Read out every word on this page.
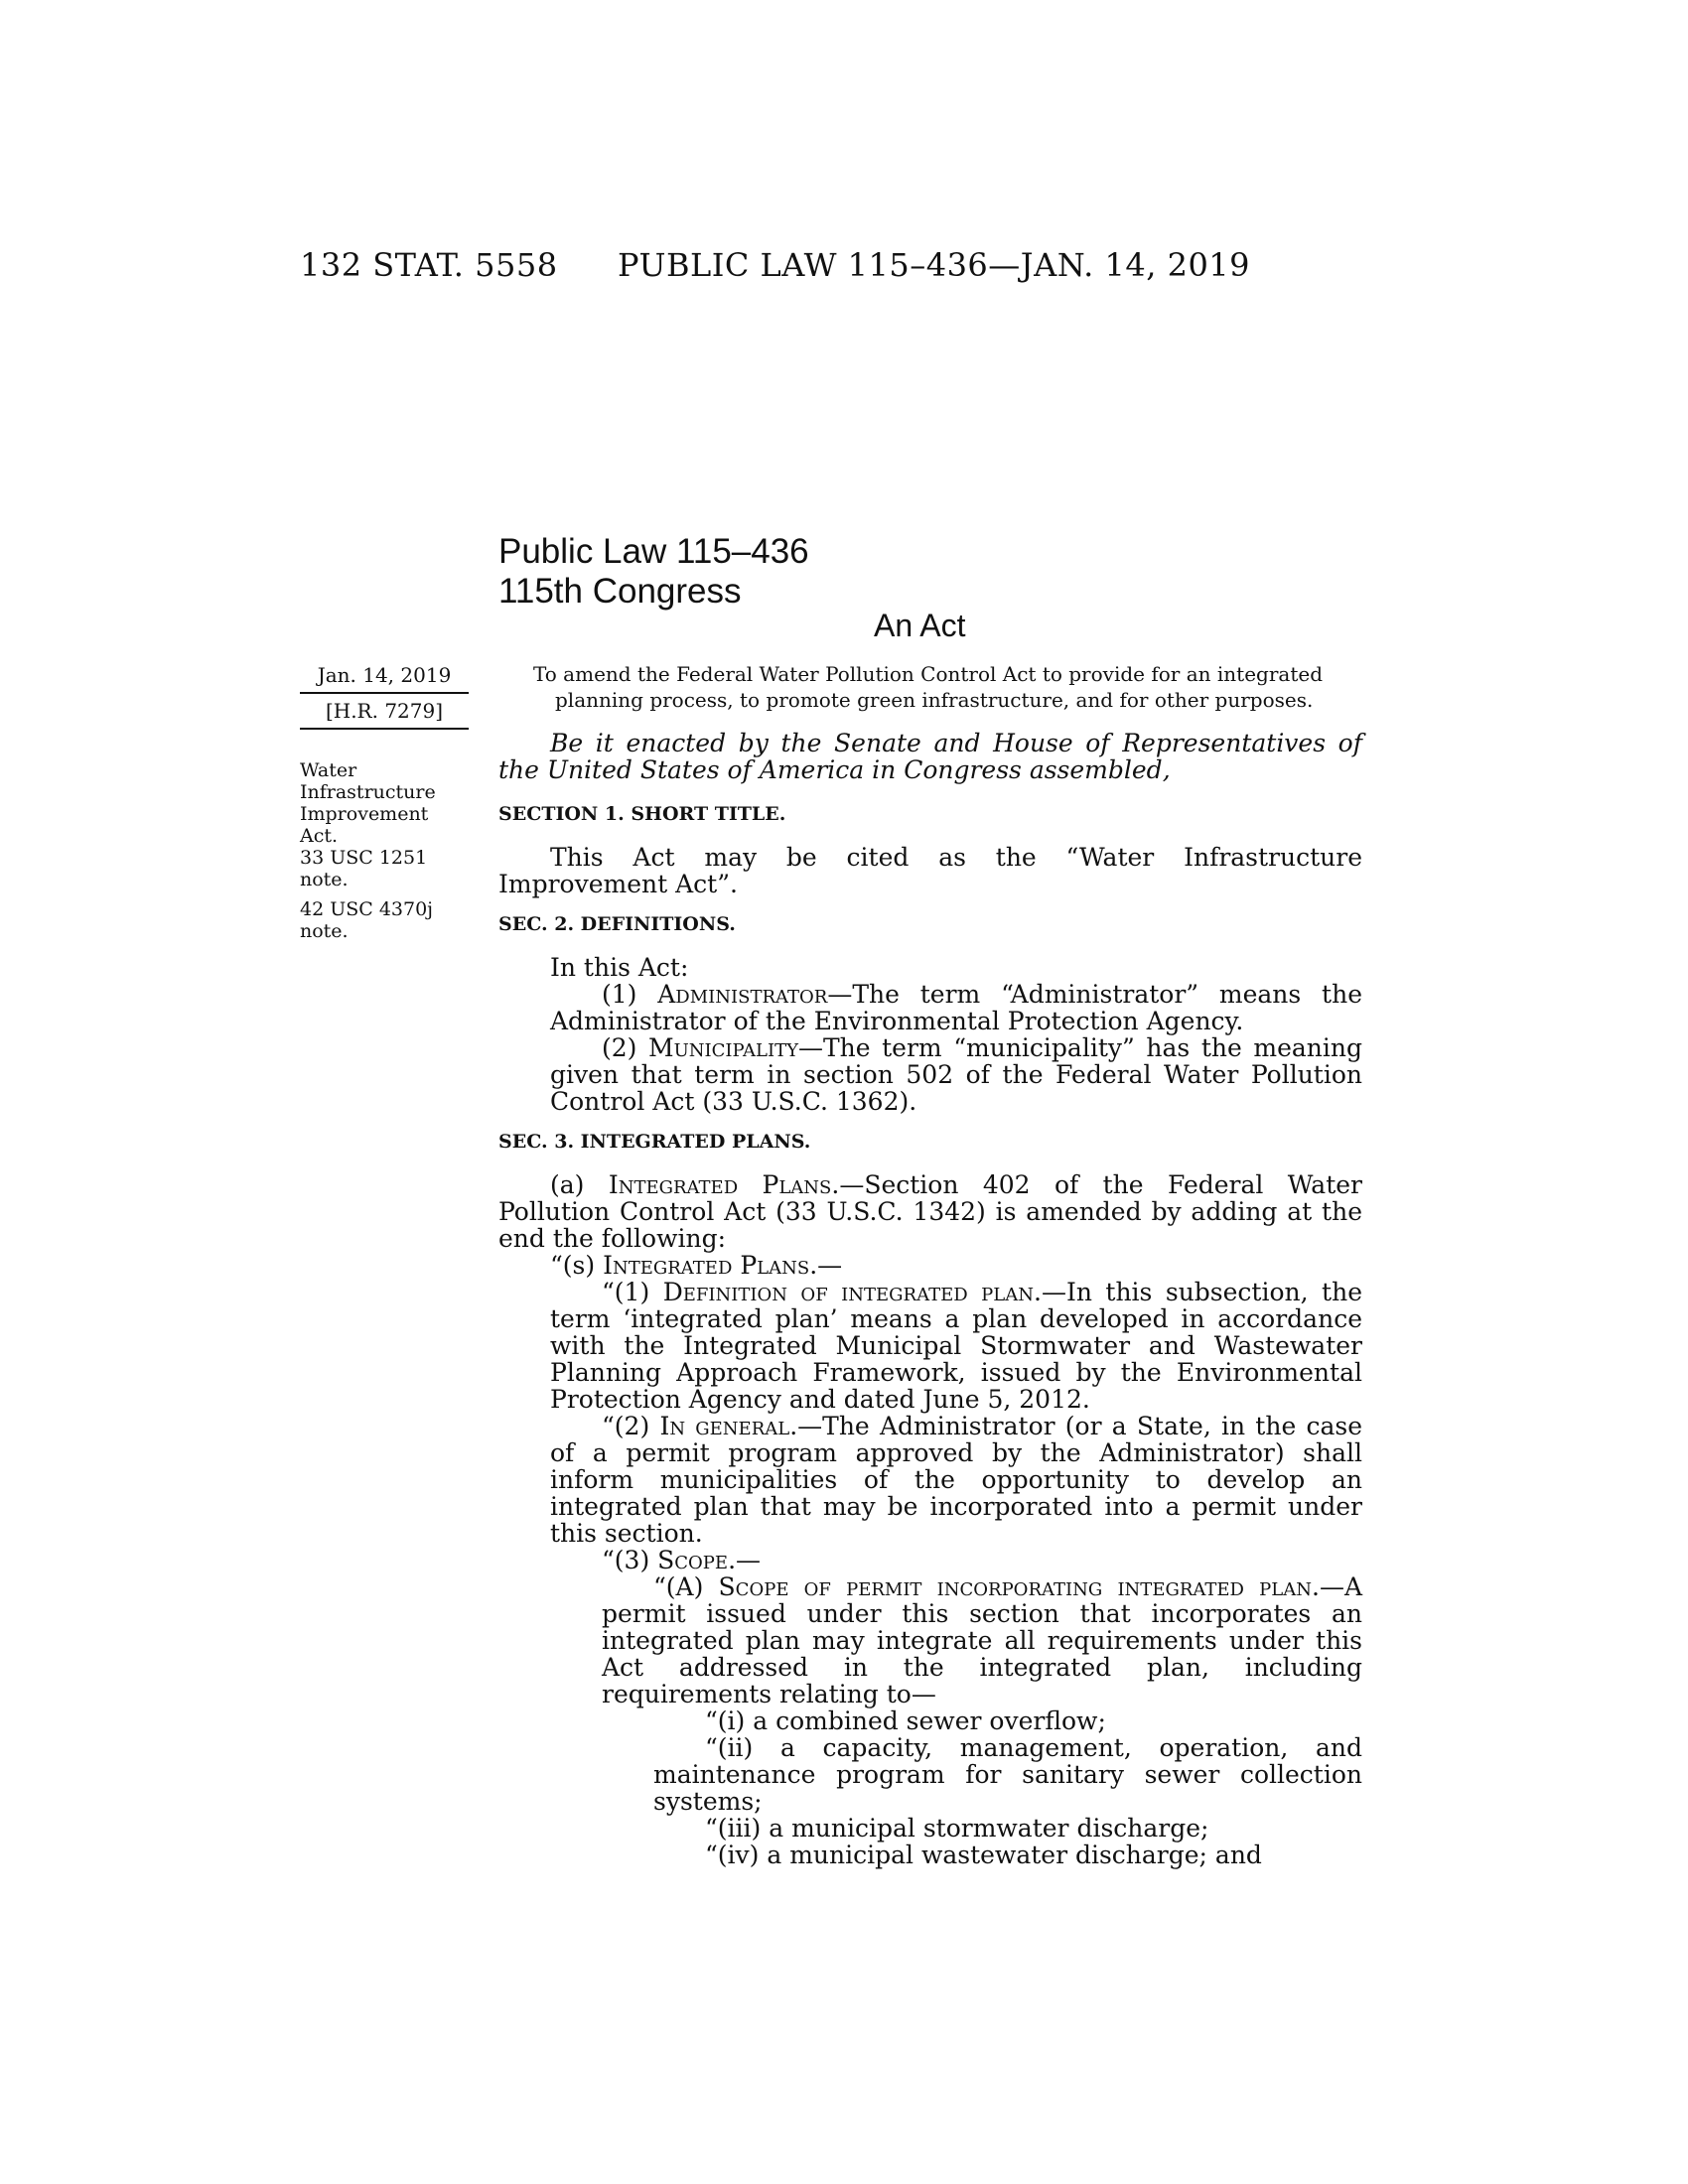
132 STAT. 5558 PUBLIC LAW 115–436—JAN. 14, 2019
Public Law 115–436
115th Congress
An Act
Jan. 14, 2019
[H.R. 7279]
Water
Infrastructure
Improvement
Act.
33 USC 1251
note.
42 USC 4370j
note.
To amend the Federal Water Pollution Control Act to provide for an integrated
planning process, to promote green infrastructure, and for other purposes.

Be it enacted by the Senate and House of Representatives of the United States of America in Congress assembled,

SECTION 1. SHORT TITLE.

This Act may be cited as the “Water Infrastructure Improvement Act”.

SEC. 2. DEFINITIONS.

In this Act:

(1) Administrator—The term “Administrator” means the Administrator of the Environmental Protection Agency.

(2) Municipality—The term “municipality” has the meaning given that term in section 502 of the Federal Water Pollution Control Act (33 U.S.C. 1362).

SEC. 3. INTEGRATED PLANS.

(a) Integrated Plans.—Section 402 of the Federal Water Pollution Control Act (33 U.S.C. 1342) is amended by adding at the end the following:

“(s) Integrated Plans.—

“(1) Definition of integrated plan.—In this subsection, the term ‘integrated plan’ means a plan developed in accordance with the Integrated Municipal Stormwater and Wastewater Planning Approach Framework, issued by the Environmental Protection Agency and dated June 5, 2012.

“(2) In general.—The Administrator (or a State, in the case of a permit program approved by the Administrator) shall inform municipalities of the opportunity to develop an integrated plan that may be incorporated into a permit under this section.

“(3) Scope.—

“(A) Scope of permit incorporating integrated plan.—A permit issued under this section that incorporates an integrated plan may integrate all requirements under this Act addressed in the integrated plan, including requirements relating to—

“(i) a combined sewer overflow;

“(ii) a capacity, management, operation, and maintenance program for sanitary sewer collection systems;

“(iii) a municipal stormwater discharge;

“(iv) a municipal wastewater discharge; and
